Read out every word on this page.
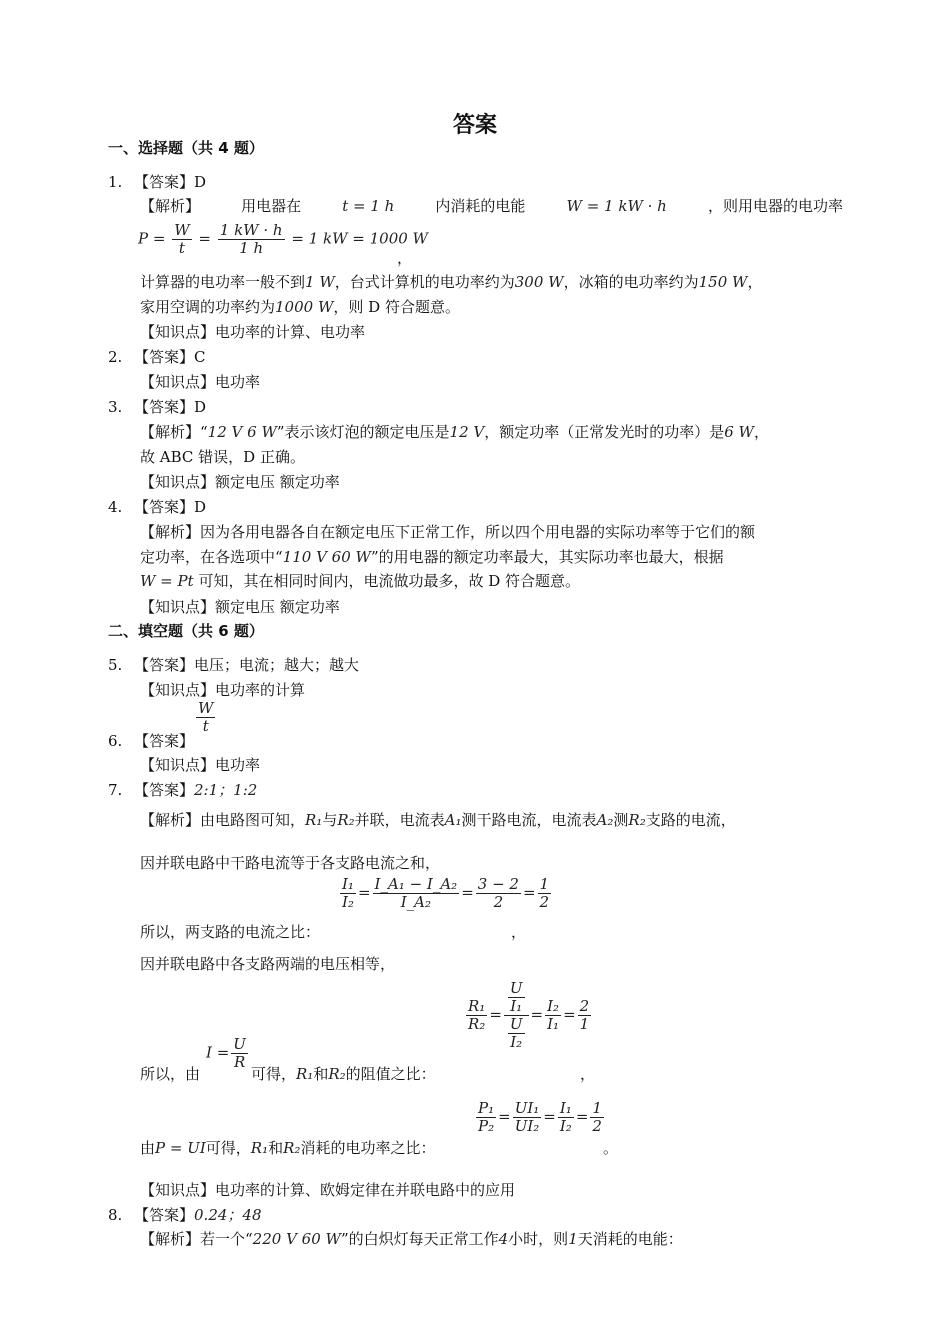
答案
一、选择题（共 4 题）
1. 【答案】D
【解析】	用电器在	t = 1 h	内消耗的电能	W = 1 kW · h	，则用电器的电功率
$P = \frac{W}{t} = \frac{1 kW \cdot h}{1 h} = 1$ kW = 1000 W
，
计算器的电功率一般不到1 W，台式计算机的电功率约为300 W，冰箱的电功率约为150 W，
家用空调的功率约为1000 W，则 D 符合题意。
【知识点】电功率的计算、电功率
2. 【答案】C
【知识点】电功率
3. 【答案】D
【解析】“12 V 6 W”表示该灯泡的额定电压是12 V，额定功率（正常发光时的功率）是6 W，
故 ABC 错误，D 正确。
【知识点】额定电压 额定功率
4. 【答案】D
【解析】因为各用电器各自在额定电压下正常工作，所以四个用电器的实际功率等于它们的额
定功率，在各选项中“110 V 60 W”的用电器的额定功率最大，其实际功率也最大，根据
W = Pt 可知，其在相同时间内，电流做功最多，故 D 符合题意。
【知识点】额定电压 额定功率
二、填空题（共 6 题）
5. 【答案】电压；电流；越大；越大
【知识点】电功率的计算
6. 【答案】
$\frac{W}{t}$
【知识点】电功率
7. 【答案】2:1；1:2
【解析】由电路图可知，R₁与R₂并联，电流表A₁测干路电流，电流表A₂测R₂支路的电流，
因并联电路中干路电流等于各支路电流之和，
所以，两支路的电流之比：
$\frac{\text{I₁}}{\text{I₂}} = \frac{\text{I\_A₁ − I\_A₂}}{\text{I\_A₂}} = \frac{3 - 2}{2} = \frac{1}{2}$
，
因并联电路中各支路两端的电压相等，
所以，由
$I = \frac{U}{R}$
可得，R₁和R₂的阻值之比：
$\frac{\text{R₁}}{\text{R₂}} = \frac{\frac{U}{\text{I₁}}}{\frac{U}{\text{I₂}}} = \frac{\text{I₂}}{\text{I₁}} = \frac{2}{1}$
，
由P = UI可得，R₁和R₂消耗的电功率之比：
$\frac{\text{P₁}}{\text{P₂}} = \frac{\text{UI₁}}{\text{UI₂}} = \frac{\text{I₁}}{\text{I₂}} = \frac{1}{2}$
。
【知识点】电功率的计算、欧姆定律在并联电路中的应用
8. 【答案】0.24；48
【解析】若一个“220 V 60 W”的白炽灯每天正常工作4小时，则1天消耗的电能：
